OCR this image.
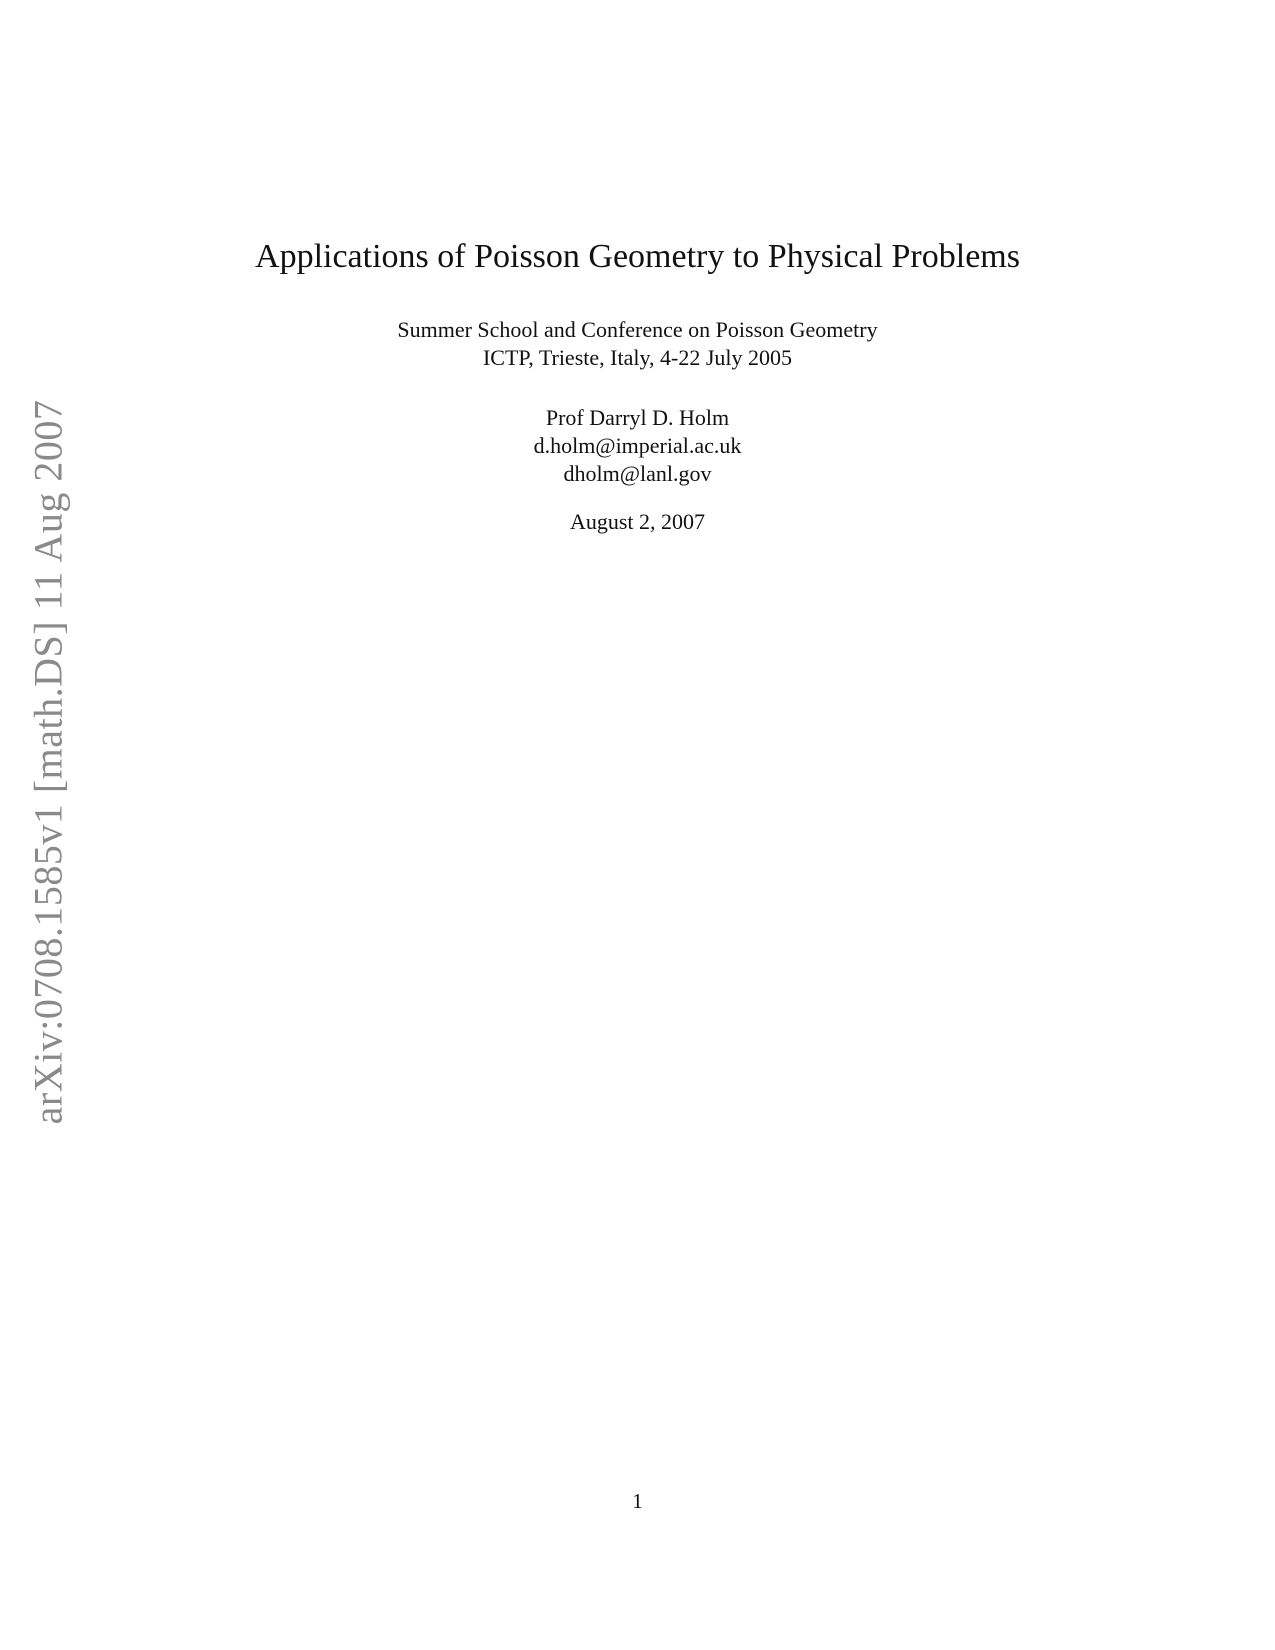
arXiv:0708.1585v1 [math.DS] 11 Aug 2007
Applications of Poisson Geometry to Physical Problems
Summer School and Conference on Poisson Geometry
ICTP, Trieste, Italy, 4-22 July 2005
Prof Darryl D. Holm
d.holm@imperial.ac.uk
dholm@lanl.gov
August 2, 2007
1
